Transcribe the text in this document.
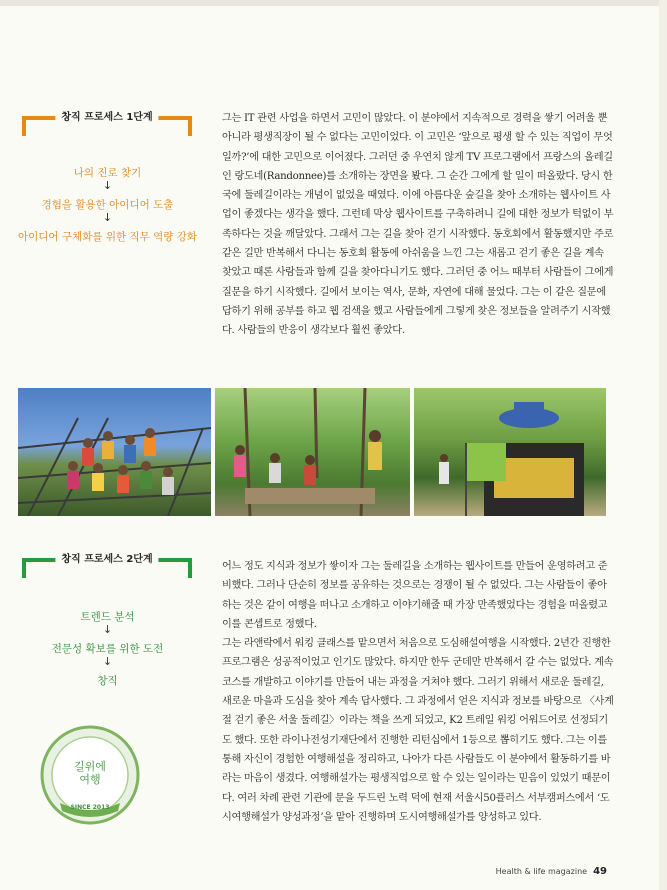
창직 프로세스 1단계
나의 진로 찾기
↓
경험을 활용한 아이디어 도출
↓
아이디어 구체화를 위한 직무 역량 강화

그는 IT 관련 사업을 하면서 고민이 많았다. 이 분야에서 지속적으로 경력을 쌓기 어려울 뿐 아니라 평생직장이 될 수 없다는 고민이었다. 이 고민은 ‘앞으로 평생 할 수 있는 직업이 무엇일까?’에 대한 고민으로 이어졌다. 그러던 중 우연치 않게 TV 프로그램에서 프랑스의 올레길인 랑도네(Randonnee)를 소개하는 장면을 봤다. 그 순간 그에게 할 일이 떠올랐다. 당시 한국에 둘레길이라는 개념이 없었을 때였다. 이에 아름다운 숲길을 찾아 소개하는 웹사이트 사업이 좋겠다는 생각을 했다. 그런데 막상 웹사이트를 구축하려니 길에 대한 정보가 턱없이 부족하다는 것을 깨달았다. 그래서 그는 길을 찾아 걷기 시작했다. 동호회에서 활동했지만 주로 같은 길만 반복해서 다니는 동호회 활동에 아쉬움을 느낀 그는 새롭고 걷기 좋은 길을 계속 찾았고 때론 사람들과 함께 길을 찾아다니기도 했다. 그러던 중 어느 때부터 사람들이 그에게 질문을 하기 시작했다. 길에서 보이는 역사, 문화, 자연에 대해 물었다. 그는 이 같은 질문에 답하기 위해 공부를 하고 웹 검색을 했고 사람들에게 그렇게 찾은 정보들을 알려주기 시작했다. 사람들의 반응이 생각보다 훨씬 좋았다.

창직 프로세스 2단계
트렌드 분석
↓
전문성 확보를 위한 도전
↓
창직

어느 정도 지식과 정보가 쌓이자 그는 둘레길을 소개하는 웹사이트를 만들어 운영하려고 준비했다. 그러나 단순히 정보를 공유하는 것으로는 경쟁이 될 수 없었다. 그는 사람들이 좋아하는 것은 같이 여행을 떠나고 소개하고 이야기해줄 때 가장 만족했었다는 경험을 떠올렸고 이를 콘셉트로 정했다.

그는 라앤락에서 워킹 클래스를 맡으면서 처음으로 도심해설여행을 시작했다. 2년간 진행한 프로그램은 성공적이었고 인기도 많았다. 하지만 한두 군데만 반복해서 갈 수는 없었다. 계속 코스를 개발하고 이야기를 만들어 내는 과정을 거쳐야 했다. 그러기 위해서 새로운 둘레길, 새로운 마을과 도심을 찾아 계속 답사했다. 그 과정에서 얻은 지식과 정보를 바탕으로 〈사계절 걷기 좋은 서울 둘레길〉이라는 책을 쓰게 되었고, K2 트레일 워킹 어워드어로 선정되기도 했다. 또한 라이나전성기재단에서 진행한 리턴십에서 1등으로 뽑히기도 했다. 그는 이를 통해 자신이 경험한 여행해설을 정리하고, 나아가 다른 사람들도 이 분야에서 활동하기를 바라는 마음이 생겼다. 여행해설가는 평생직업으로 할 수 있는 일이라는 믿음이 있었기 때문이다. 여러 차례 관련 기관에 문을 두드린 노력 덕에 현재 서울시50플러스 서부캠퍼스에서 ‘도시여행해설가 양성과정’을 맡아 진행하며 도시여행해설가를 양성하고 있다.

길위에
여행
SINCE 2013
Health & life magazine 49
